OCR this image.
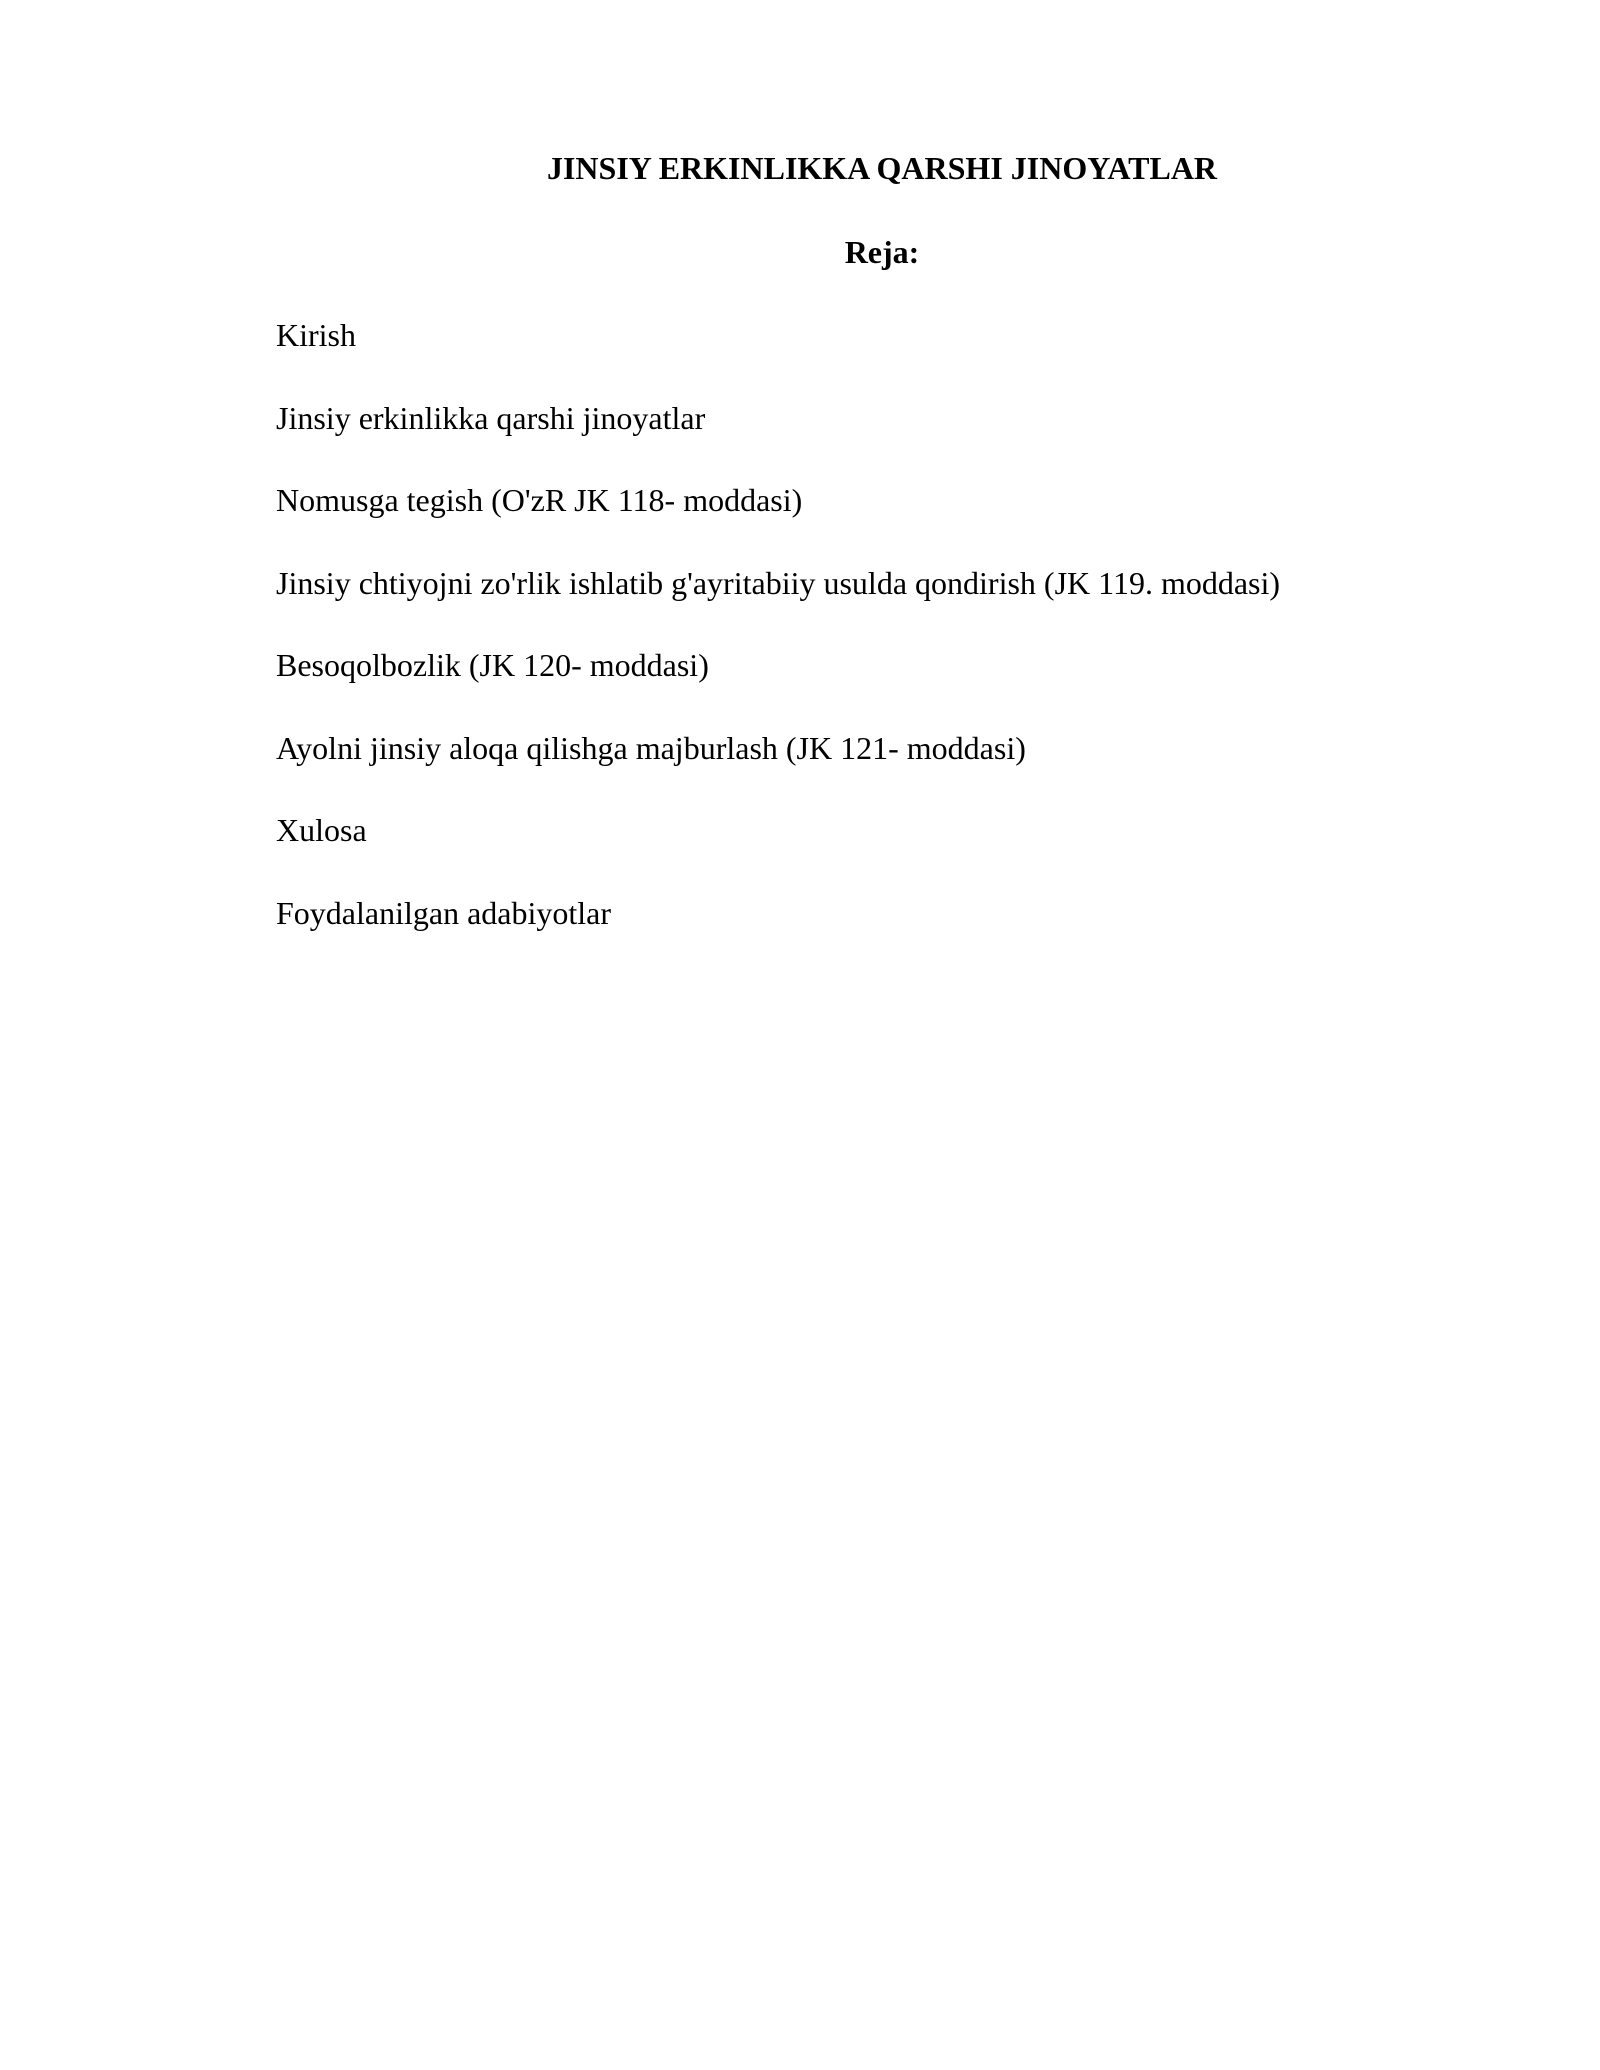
JINSIY ERKINLIKKA QARSHI JINOYATLAR
Reja:
Kirish
Jinsiy erkinlikka qarshi jinoyatlar
Nomusga tegish (O'zR JK 118- moddasi)
Jinsiy chtiyojni zo'rlik ishlatib g'ayritabiiy usulda qondirish (JK 119. moddasi)
Besoqolbozlik (JK 120- moddasi)
Ayolni jinsiy aloqa qilishga majburlash (JK 121- moddasi)
Xulosa
Foydalanilgan adabiyotlar
